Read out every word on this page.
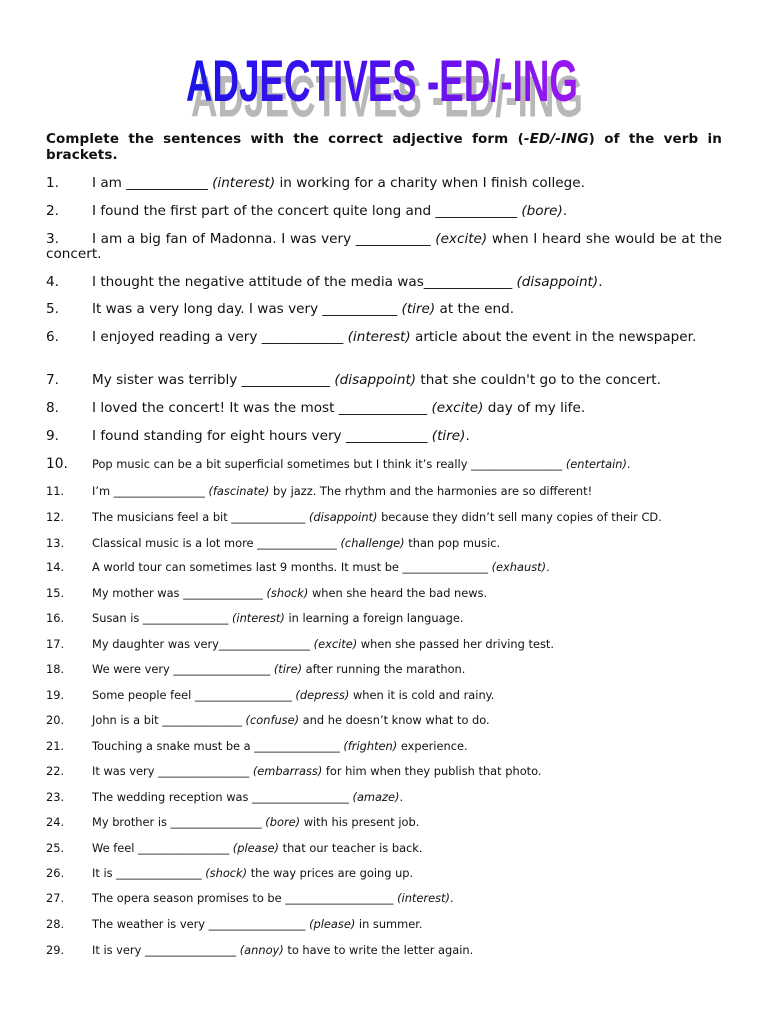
ADJECTIVES -ED/-ING
ADJECTIVES -ED/-ING
Complete the sentences with the correct adjective form (-ED/-ING) of the verb in brackets.
1. I am ____________ (interest) in working for a charity when I finish college.
2. I found the first part of the concert quite long and ____________ (bore).
3. I am a big fan of Madonna. I was very ___________ (excite) when I heard she would be at the concert.
4. I thought the negative attitude of the media was_____________ (disappoint).
5. It was a very long day. I was very ___________ (tire) at the end.
6. I enjoyed reading a very ____________ (interest) article about the event in the newspaper.
7. My sister was terribly _____________ (disappoint) that she couldn't go to the concert.
8. I loved the concert! It was the most _____________ (excite) day of my life.
9. I found standing for eight hours very ____________ (tire).
10. Pop music can be a bit superficial sometimes but I think it’s really ________________ (entertain).
11. I’m ________________ (fascinate) by jazz. The rhythm and the harmonies are so different!
12. The musicians feel a bit _____________ (disappoint) because they didn’t sell many copies of their CD.
13. Classical music is a lot more ______________ (challenge) than pop music.
14. A world tour can sometimes last 9 months. It must be _______________ (exhaust).
15. My mother was ______________ (shock) when she heard the bad news.
16. Susan is _______________ (interest) in learning a foreign language.
17. My daughter was very________________ (excite) when she passed her driving test.
18. We were very _________________ (tire) after running the marathon.
19. Some people feel _________________ (depress) when it is cold and rainy.
20. John is a bit ______________ (confuse) and he doesn’t know what to do.
21. Touching a snake must be a _______________ (frighten) experience.
22. It was very ________________ (embarrass) for him when they publish that photo.
23. The wedding reception was _________________ (amaze).
24. My brother is ________________ (bore) with his present job.
25. We feel ________________ (please) that our teacher is back.
26. It is _______________ (shock) the way prices are going up.
27. The opera season promises to be ___________________ (interest).
28. The weather is very _________________ (please) in summer.
29. It is very ________________ (annoy) to have to write the letter again.
